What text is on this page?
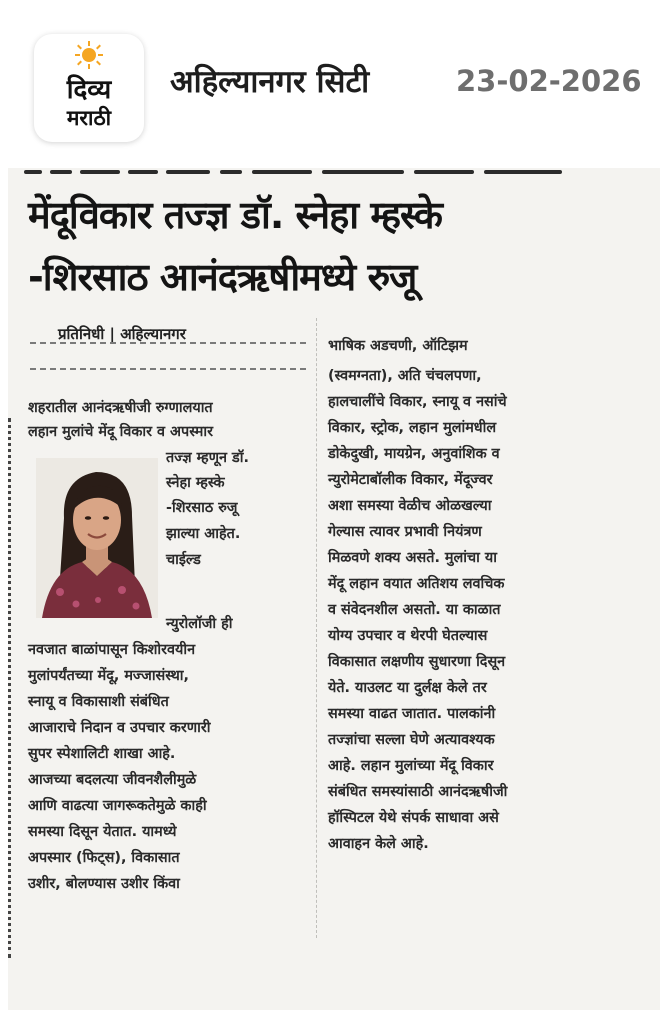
दिव्य
मराठी
अहिल्यानगर सिटी	23-02-2026
मेंदूविकार तज्ज्ञ डॉ. स्नेहा म्हस्के
-शिरसाठ आनंदऋषीमध्ये रुजू
प्रतिनिधी | अहिल्यानगर
शहरातील आनंदऋषीजी रुग्णालयात
लहान मुलांचे मेंदू विकार व अपस्मार
तज्ज्ञ म्हणून डॉ.
स्नेहा म्हस्के
-शिरसाठ रुजू
झाल्या आहेत.
चाईल्ड
न्युरोलॉजी ही
नवजात बाळांपासून किशोरवयीन
मुलांपर्यंतच्या मेंदू, मज्जासंस्था,
स्नायू व विकासाशी संबंधित
आजाराचे निदान व उपचार करणारी
सुपर स्पेशालिटी शाखा आहे.
आजच्या बदलत्या जीवनशैलीमुळे
आणि वाढत्या जागरूकतेमुळे काही
समस्या दिसून येतात. यामध्ये
अपस्मार (फिट्स), विकासात
उशीर, बोलण्यास उशीर किंवा
भाषिक अडचणी, ऑटिझम
(स्वमग्नता), अति चंचलपणा,
हालचालींचे विकार, स्नायू व नसांचे
विकार, स्ट्रोक, लहान मुलांमधील
डोकेदुखी, मायग्रेन, अनुवांशिक व
न्युरोमेटाबॉलीक विकार, मेंदूज्वर
अशा समस्या वेळीच ओळखल्या
गेल्यास त्यावर प्रभावी नियंत्रण
मिळवणे शक्य असते. मुलांचा या
मेंदू लहान वयात अतिशय लवचिक
व संवेदनशील असतो. या काळात
योग्य उपचार व थेरपी घेतल्यास
विकासात लक्षणीय सुधारणा दिसून
येते. याउलट या दुर्लक्ष केले तर
समस्या वाढत जातात. पालकांनी
तज्ज्ञांचा सल्ला घेणे अत्यावश्यक
आहे. लहान मुलांच्या मेंदू विकार
संबंधित समस्यांसाठी आनंदऋषीजी
हॉस्पिटल येथे संपर्क साधावा असे
आवाहन केले आहे.
